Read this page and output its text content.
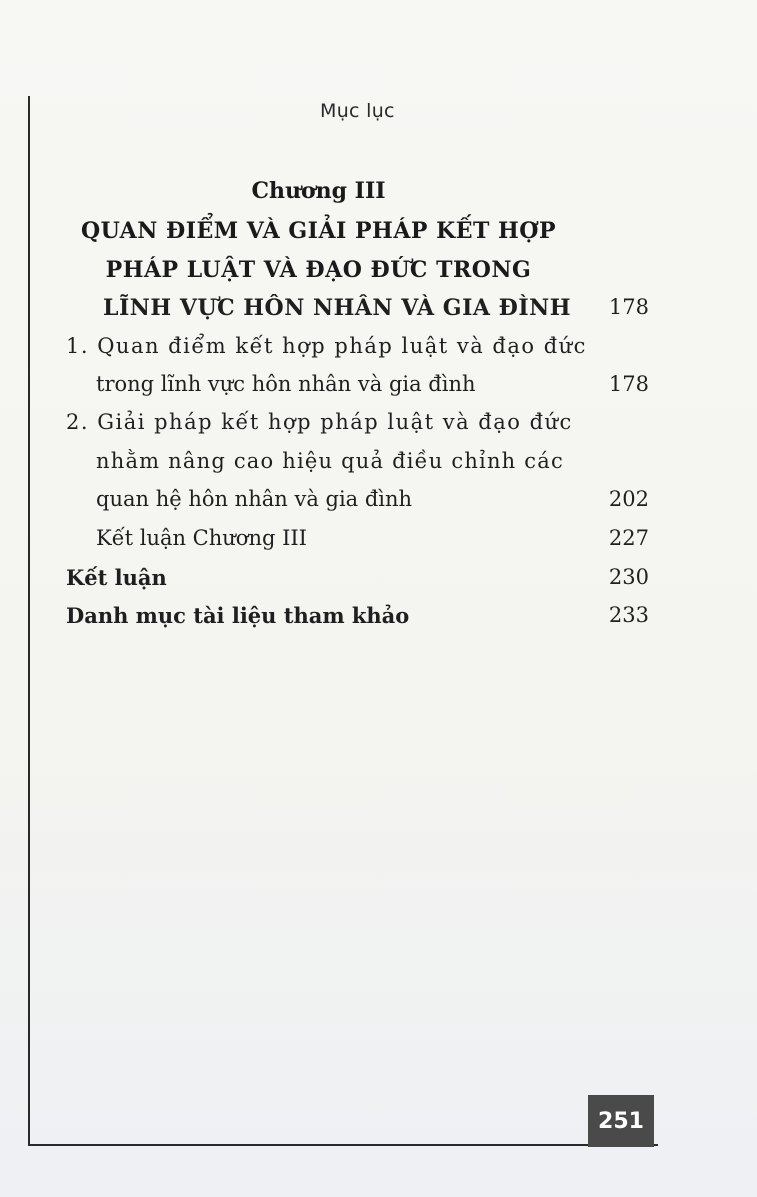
Mục lục
Chương III
QUAN ĐIỂM VÀ GIẢI PHÁP KẾT HỢP
PHÁP LUẬT VÀ ĐẠO ĐỨC TRONG
LĨNH VỰC HÔN NHÂN VÀ GIA ĐÌNH 178
1. Quan điểm kết hợp pháp luật và đạo đức
trong lĩnh vực hôn nhân và gia đình	178
2. Giải pháp kết hợp pháp luật và đạo đức
nhằm nâng cao hiệu quả điều chỉnh các
quan hệ hôn nhân và gia đình	202
Kết luận Chương III	227
Kết luận	230
Danh mục tài liệu tham khảo	233
251
